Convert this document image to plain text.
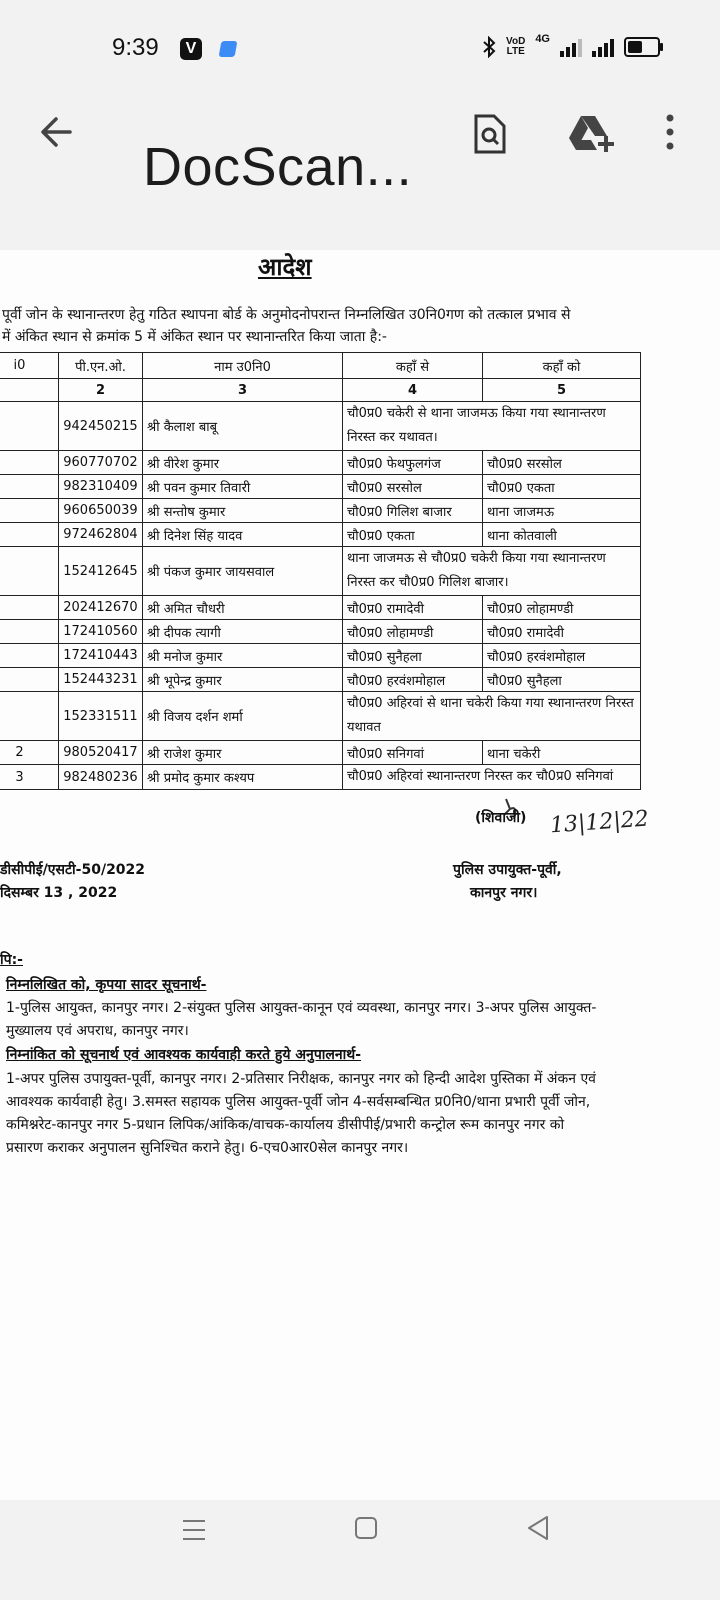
9:39	V	VoD
LTE
4G
DocScan...
आदेश
पूर्वी जोन के स्थानान्तरण हेतु गठित स्थापना बोर्ड के अनुमोदनोपरान्त निम्नलिखित उ0नि0गण को तत्काल प्रभाव से
में अंकित स्थान से क्रमांक 5 में अंकित स्थान पर स्थानान्तरित किया जाता है:-
i0	पी.एन.ओ.	नाम उ0नि0	कहाँ से	कहाँ को
	2	3	4	5
	942450215	श्री कैलाश बाबू	चौ0प्र0 चकेरी से थाना जाजमऊ किया गया स्थानान्तरण निरस्त कर यथावत।	
	960770702	श्री वीरेश कुमार	चौ0प्र0 फेथफुलगंज	चौ0प्र0 सरसोल
	982310409	श्री पवन कुमार तिवारी	चौ0प्र0 सरसोल	चौ0प्र0 एकता
	960650039	श्री सन्तोष कुमार	चौ0प्र0 गिलिश बाजार	थाना जाजमऊ
	972462804	श्री दिनेश सिंह यादव	चौ0प्र0 एकता	थाना कोतवाली
	152412645	श्री पंकज कुमार जायसवाल	थाना जाजमऊ से चौ0प्र0 चकेरी किया गया स्थानान्तरण निरस्त कर चौ0प्र0 गिलिश बाजार।	
	202412670	श्री अमित चौधरी	चौ0प्र0 रामादेवी	चौ0प्र0 लोहामण्डी
	172410560	श्री दीपक त्यागी	चौ0प्र0 लोहामण्डी	चौ0प्र0 रामादेवी
	172410443	श्री मनोज कुमार	चौ0प्र0 सुनैहला	चौ0प्र0 हरवंशमोहाल
	152443231	श्री भूपेन्द्र कुमार	चौ0प्र0 हरवंशमोहाल	चौ0प्र0 सुनैहला
	152331511	श्री विजय दर्शन शर्मा	चौ0प्र0 अहिरवां से थाना चकेरी किया गया स्थानान्तरण निरस्त यथावत	
2	980520417	श्री राजेश कुमार	चौ0प्र0 सनिगवां	थाना चकेरी
3	982480236	श्री प्रमोद कुमार कश्यप	चौ0प्र0 अहिरवां स्थानान्तरण निरस्त कर चौ0प्र0 सनिगवां	
13|12|22
(शिवाजी)
पुलिस उपायुक्त-पूर्वी,
कानपुर नगर।
डीसीपीई/एसटी-50/2022
दिसम्बर 13 , 2022
पि:-
निम्नलिखित को, कृपया सादर सूचनार्थ-
1-पुलिस आयुक्त, कानपुर नगर। 2-संयुक्त पुलिस आयुक्त-कानून एवं व्यवस्था, कानपुर नगर। 3-अपर पुलिस आयुक्त-
मुख्यालय एवं अपराध, कानपुर नगर।
निम्नांकित को सूचनार्थ एवं आवश्यक कार्यवाही करते हुये अनुपालनार्थ-
1-अपर पुलिस उपायुक्त-पूर्वी, कानपुर नगर। 2-प्रतिसार निरीक्षक, कानपुर नगर को हिन्दी आदेश पुस्तिका में अंकन एवं
आवश्यक कार्यवाही हेतु। 3.समस्त सहायक पुलिस आयुक्त-पूर्वी जोन 4-सर्वसम्बन्धित प्र0नि0/थाना प्रभारी पूर्वी जोन,
कमिश्नरेट-कानपुर नगर 5-प्रधान लिपिक/आंकिक/वाचक-कार्यालय डीसीपीई/प्रभारी कन्ट्रोल रूम कानपुर नगर को
प्रसारण कराकर अनुपालन सुनिश्चित कराने हेतु। 6-एच0आर0सेल कानपुर नगर।
